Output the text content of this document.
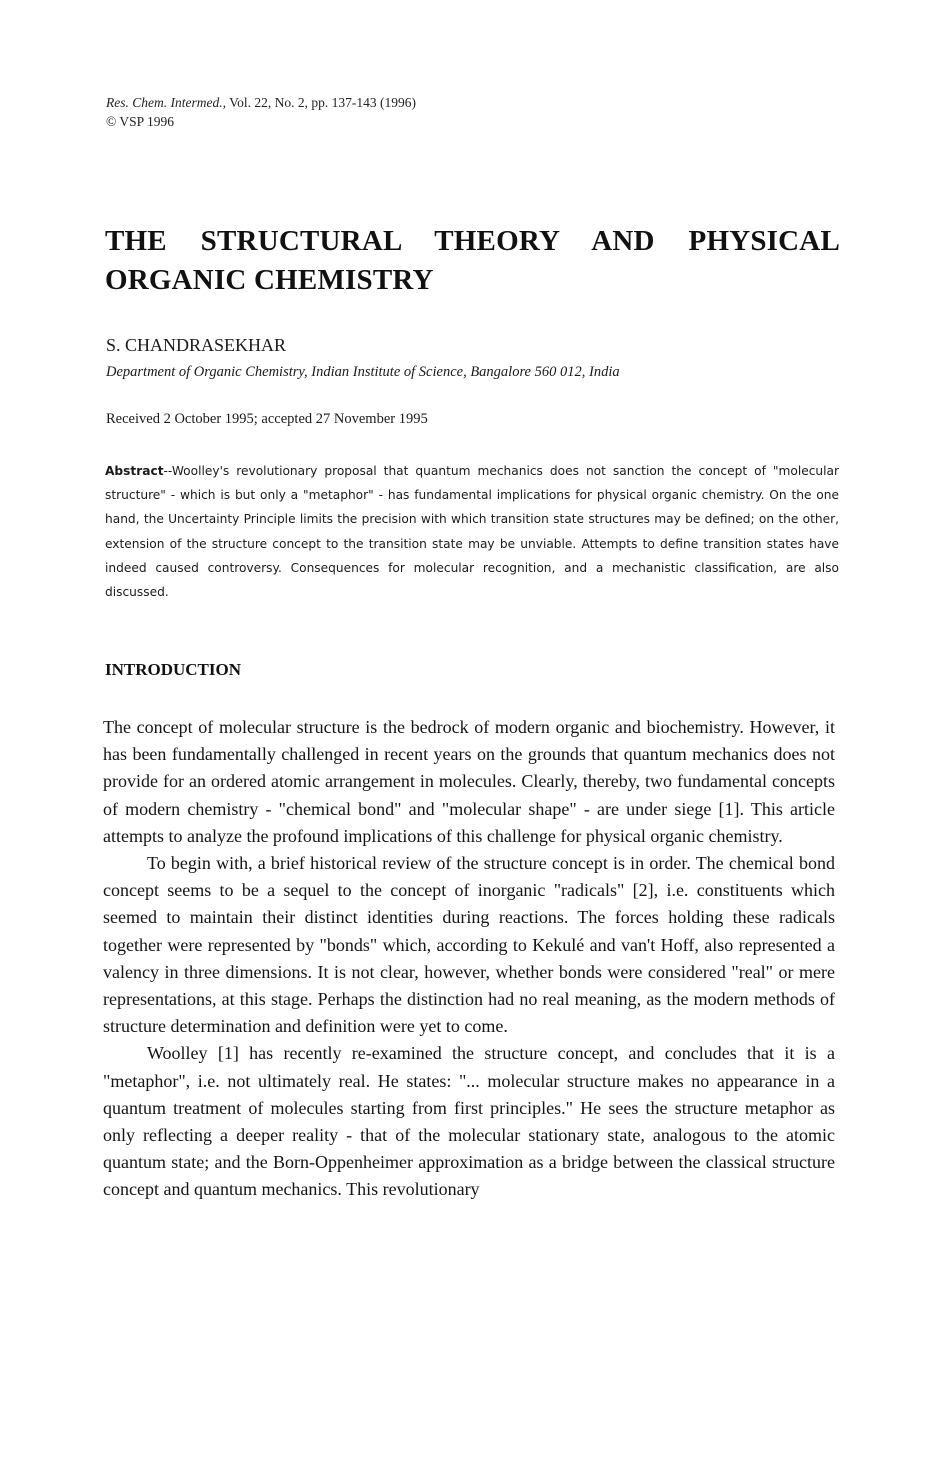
Res. Chem. Intermed., Vol. 22, No. 2, pp. 137-143 (1996)
© VSP 1996
THE STRUCTURAL THEORY AND PHYSICAL
ORGANIC CHEMISTRY
S. CHANDRASEKHAR
Department of Organic Chemistry, Indian Institute of Science, Bangalore 560 012, India
Received 2 October 1995; accepted 27 November 1995

Abstract--Woolley's revolutionary proposal that quantum mechanics does not sanction the concept of "molecular structure" - which is but only a "metaphor" - has fundamental implications for physical organic chemistry. On the one hand, the Uncertainty Principle limits the precision with which transition state structures may be defined; on the other, extension of the structure concept to the transition state may be unviable. Attempts to define transition states have indeed caused controversy. Consequences for molecular recognition, and a mechanistic classification, are also discussed.

INTRODUCTION

The concept of molecular structure is the bedrock of modern organic and biochemistry. However, it has been fundamentally challenged in recent years on the grounds that quantum mechanics does not provide for an ordered atomic arrangement in molecules. Clearly, thereby, two fundamental concepts of modern chemistry - "chemical bond" and "molecular shape" - are under siege [1]. This article attempts to analyze the profound implications of this challenge for physical organic chemistry.

To begin with, a brief historical review of the structure concept is in order. The chemical bond concept seems to be a sequel to the concept of inorganic "radicals" [2], i.e. constituents which seemed to maintain their distinct identities during reactions. The forces holding these radicals together were represented by "bonds" which, according to Kekulé and van't Hoff, also represented a valency in three dimensions. It is not clear, however, whether bonds were considered "real" or mere representations, at this stage. Perhaps the distinction had no real meaning, as the modern methods of structure determination and definition were yet to come.

Woolley [1] has recently re-examined the structure concept, and concludes that it is a "metaphor", i.e. not ultimately real. He states: "... molecular structure makes no appearance in a quantum treatment of molecules starting from first principles." He sees the structure metaphor as only reflecting a deeper reality - that of the molecular stationary state, analogous to the atomic quantum state; and the Born-Oppenheimer approximation as a bridge between the classical structure concept and quantum mechanics. This revolutionary
